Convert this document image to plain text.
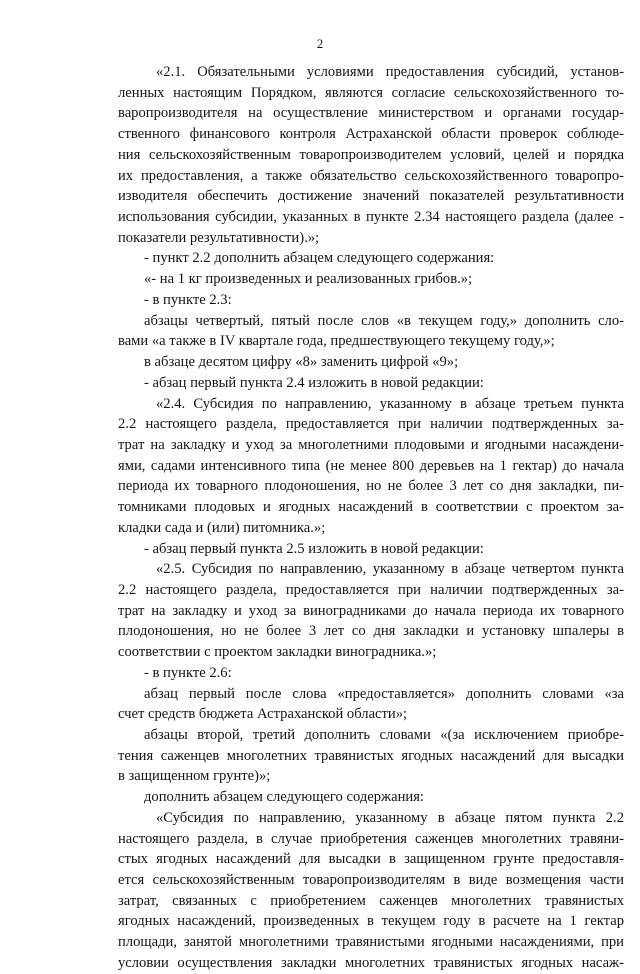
2
«2.1. Обязательными условиями предоставления субсидий, установ-
ленных настоящим Порядком, являются согласие сельскохозяйственного то-
варопроизводителя на осуществление министерством и органами государ-
ственного финансового контроля Астраханской области проверок соблюде-
ния сельскохозяйственным товаропроизводителем условий, целей и порядка
их предоставления, а также обязательство сельскохозяйственного товаропро-
изводителя обеспечить достижение значений показателей результативности
использования субсидии, указанных в пункте 2.34 настоящего раздела (далее -
показатели результативности).»;
- пункт 2.2 дополнить абзацем следующего содержания:
«- на 1 кг произведенных и реализованных грибов.»;
- в пункте 2.3:
абзацы четвертый, пятый после слов «в текущем году,» дополнить сло-
вами «а также в IV квартале года, предшествующего текущему году,»;
в абзаце десятом цифру «8» заменить цифрой «9»;
- абзац первый пункта 2.4 изложить в новой редакции:
«2.4. Субсидия по направлению, указанному в абзаце третьем пункта
2.2 настоящего раздела, предоставляется при наличии подтвержденных за-
трат на закладку и уход за многолетними плодовыми и ягодными насаждени-
ями, садами интенсивного типа (не менее 800 деревьев на 1 гектар) до начала
периода их товарного плодоношения, но не более 3 лет со дня закладки, пи-
томниками плодовых и ягодных насаждений в соответствии с проектом за-
кладки сада и (или) питомника.»;
- абзац первый пункта 2.5 изложить в новой редакции:
«2.5. Субсидия по направлению, указанному в абзаце четвертом пункта
2.2 настоящего раздела, предоставляется при наличии подтвержденных за-
трат на закладку и уход за виноградниками до начала периода их товарного
плодоношения, но не более 3 лет со дня закладки и установку шпалеры в
соответствии с проектом закладки виноградника.»;
- в пункте 2.6:
абзац первый после слова «предоставляется» дополнить словами «за
счет средств бюджета Астраханской области»;
абзацы второй, третий дополнить словами «(за исключением приобре-
тения саженцев многолетних травянистых ягодных насаждений для высадки
в защищенном грунте)»;
дополнить абзацем следующего содержания:
«Субсидия по направлению, указанному в абзаце пятом пункта 2.2
настоящего раздела, в случае приобретения саженцев многолетних травяни-
стых ягодных насаждений для высадки в защищенном грунте предоставля-
ется сельскохозяйственным товаропроизводителям в виде возмещения части
затрат, связанных с приобретением саженцев многолетних травянистых
ягодных насаждений, произведенных в текущем году в расчете на 1 гектар
площади, занятой многолетними травянистыми ягодными насаждениями, при
условии осуществления закладки многолетних травянистых ягодных насаж-
